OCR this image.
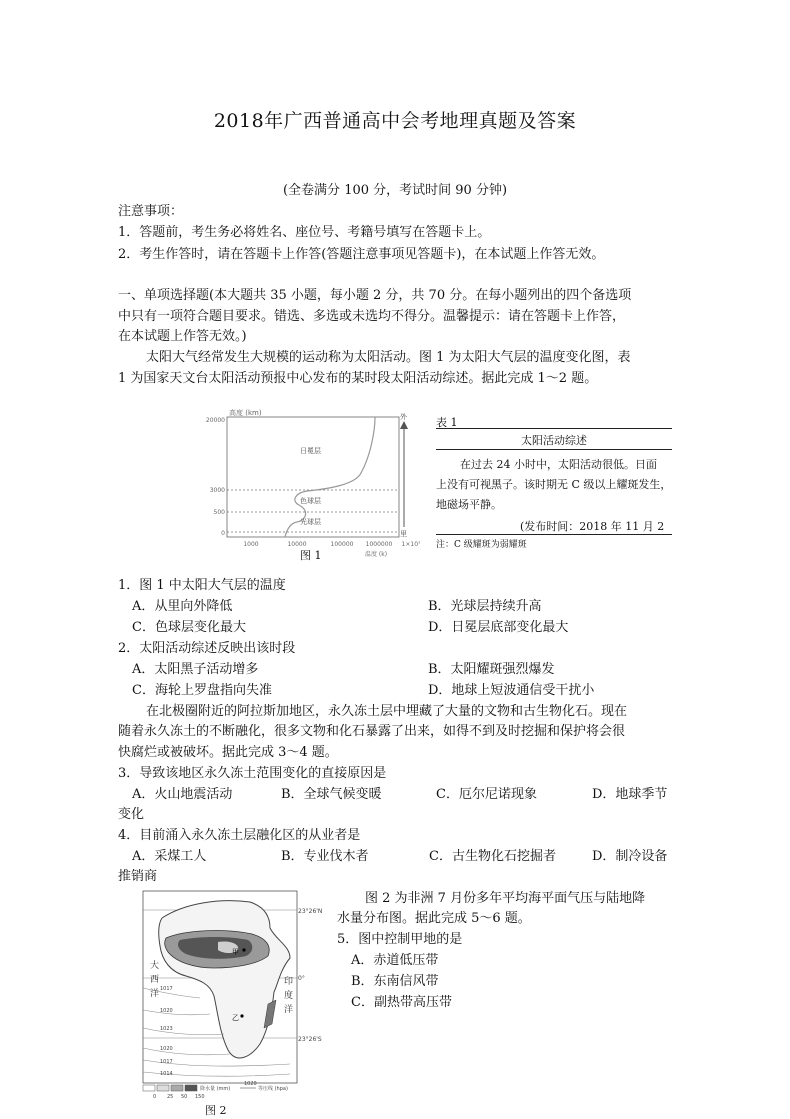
2018年广西普通高中会考地理真题及答案
(全卷满分 100 分，考试时间 90 分钟)
注意事项：
1．答题前，考生务必将姓名、座位号、考籍号填写在答题卡上。
2．考生作答时，请在答题卡上作答(答题注意事项见答题卡)，在本试题上作答无效。
一、单项选择题(本大题共 35 小题，每小题 2 分，共 70 分。在每小题列出的四个备选项
中只有一项符合题目要求。错选、多选或未选均不得分。温馨提示：请在答题卡上作答，
在本试题上作答无效。)
太阳大气经常发生大规模的运动称为太阳活动。图 1 为太阳大气层的温度变化图，表
1 为国家天文台太阳活动预报中心发布的某时段太阳活动综述。据此完成 1～2 题。
高度 (km)
20000
3000
500
0
日冕层
色球层
光球层
外
里
1000	10000	100000 1000000 1×10⁷
温度 (k)
图 1
表 1
太阳活动综述
在过去 24 小时中，太阳活动很低。日面
上没有可视黑子。该时期无 C 级以上耀斑发生，
地磁场平静。
(发布时间：2018 年 11 月 2
注：C 级耀斑为弱耀斑
1．图 1 中太阳大气层的温度
A．从里向外降低	B．光球层持续升高
C．色球层变化最大	D．日冕层底部变化最大
2．太阳活动综述反映出该时段
A．太阳黑子活动增多	B．太阳耀斑强烈爆发
C．海轮上罗盘指向失准	D．地球上短波通信受干扰小
在北极圈附近的阿拉斯加地区，永久冻土层中埋藏了大量的文物和古生物化石。现在
随着永久冻土的不断融化，很多文物和化石暴露了出来，如得不到及时挖掘和保护将会很
快腐烂或被破坏。据此完成 3～4 题。
3．导致该地区永久冻土范围变化的直接原因是
A．火山地震活动	B．全球气候变暖	C．厄尔尼诺现象	D．地球季节
变化
4．目前涌入永久冻土层融化区的从业者是
A．采煤工人	B．专业伐木者	C．古生物化石挖掘者	D．制冷设备
推销商
23°26'N
0°
23°26'S
1017
1020
1023
1020
1017
1014
大
西
洋
印
度
洋
甲
乙
0 25 50 150
降水量 (mm)
1020
等压线 (hpa)
图 2
图 2 为非洲 7 月份多年平均海平面气压与陆地降
水量分布图。据此完成 5～6 题。
5．图中控制甲地的是
A．赤道低压带
B．东南信风带
C．副热带高压带
